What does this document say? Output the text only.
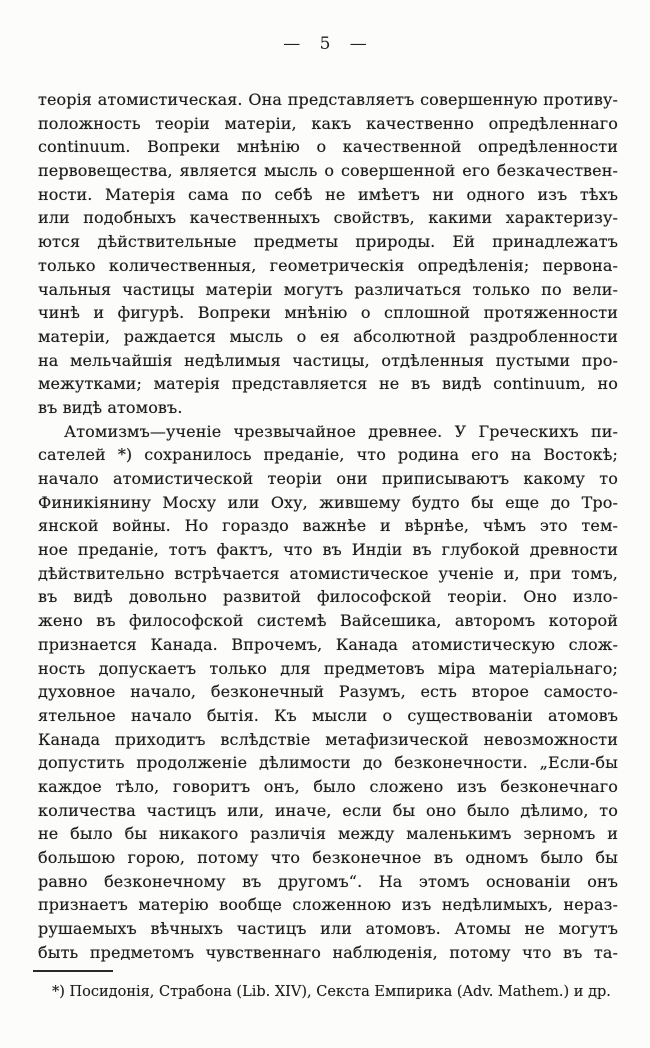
— 5 —
теорія атомистическая. Она представляетъ совершенную противу-
положность теоріи матеріи, какъ качественно опредѣленнаго
continuum. Вопреки мнѣнію о качественной опредѣленности
первовещества, является мысль о совершенной его безкачествен-
ности. Матерія сама по себѣ не имѣетъ ни одного изъ тѣхъ
или подобныхъ качественныхъ свойствъ, какими характеризу-
ются дѣйствительные предметы природы. Ей принадлежатъ
только количественныя, геометрическія опредѣленія; первона-
чальныя частицы матеріи могутъ различаться только по вели-
чинѣ и фигурѣ. Вопреки мнѣнію о сплошной протяженности
матеріи, раждается мысль о ея абсолютной раздробленности
на мельчайшія недѣлимыя частицы, отдѣленныя пустыми про-
межутками; матерія представляется не въ видѣ continuum, но
въ видѣ атомовъ.
Атомизмъ—ученіе чрезвычайное древнее. У Греческихъ пи-
сателей *) сохранилось преданіе, что родина его на Востокѣ;
начало атомистической теоріи они приписываютъ какому то
Финикіянину Мосху или Оху, жившему будто бы еще до Тро-
янской войны. Но гораздо важнѣе и вѣрнѣе, чѣмъ это тем-
ное преданіе, тотъ фактъ, что въ Индіи въ глубокой древности
дѣйствительно встрѣчается атомистическое ученіе и, при томъ,
въ видѣ довольно развитой философской теоріи. Оно изло-
жено въ философской системѣ Вайсешика, авторомъ которой
признается Канада. Впрочемъ, Канада атомистическую слож-
ность допускаетъ только для предметовъ міра матеріальнаго;
духовное начало, безконечный Разумъ, есть второе самосто-
ятельное начало бытія. Къ мысли о существованіи атомовъ
Канада приходитъ вслѣдствіе метафизической невозможности
допустить продолженіе дѣлимости до безконечности. „Если-бы
каждое тѣло, говоритъ онъ, было сложено изъ безконечнаго
количества частицъ или, иначе, если бы оно было дѣлимо, то
не было бы никакого различія между маленькимъ зерномъ и
большою горою, потому что безконечное въ одномъ было бы
равно безконечному въ другомъ“. На этомъ основаніи онъ
признаетъ матерію вообще сложенною изъ недѣлимыхъ, нераз-
рушаемыхъ вѣчныхъ частицъ или атомовъ. Атомы не могутъ
быть предметомъ чувственнаго наблюденія, потому что въ та-
*) Посидонія, Страбона (Lib. XIV), Секста Емпирика (Adv. Mathem.) и др.
